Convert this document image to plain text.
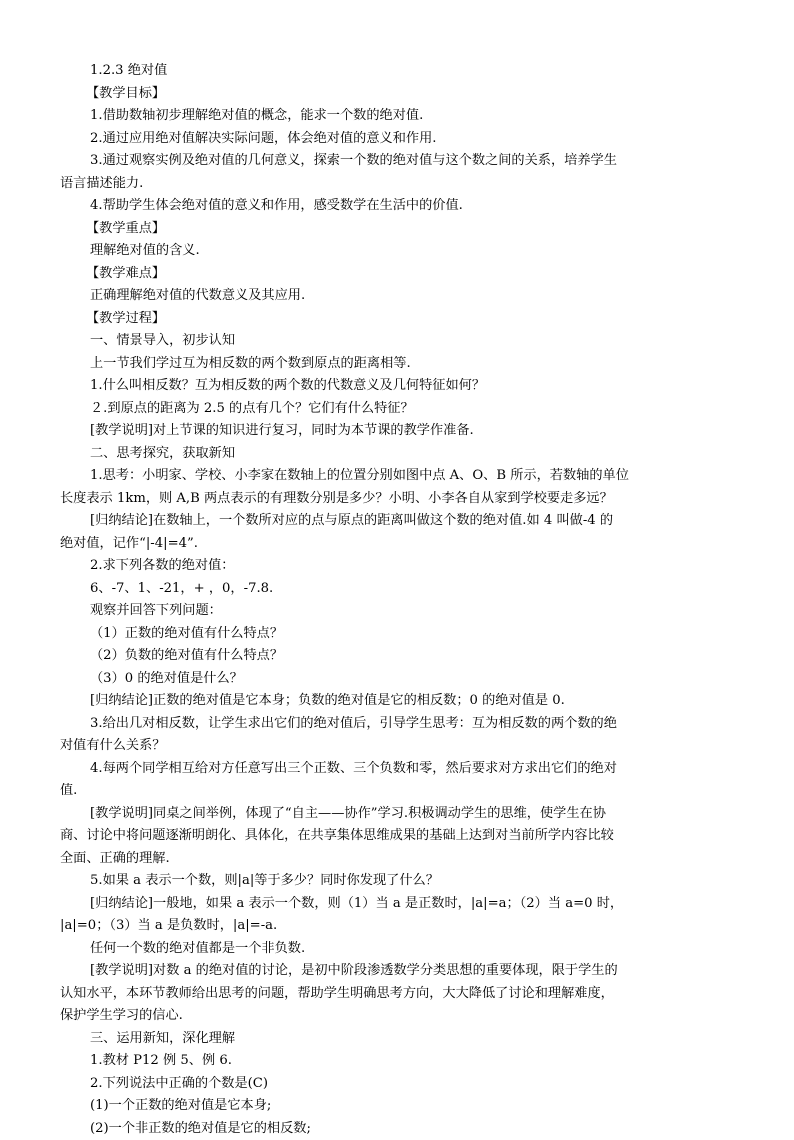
1.2.3 绝对值
【教学目标】
1.借助数轴初步理解绝对值的概念，能求一个数的绝对值.
2.通过应用绝对值解决实际问题，体会绝对值的意义和作用.
3.通过观察实例及绝对值的几何意义，探索一个数的绝对值与这个数之间的关系，培养学生
语言描述能力.
4.帮助学生体会绝对值的意义和作用，感受数学在生活中的价值.
【教学重点】
理解绝对值的含义.
【教学难点】
正确理解绝对值的代数意义及其应用.
【教学过程】
一、情景导入，初步认知
上一节我们学过互为相反数的两个数到原点的距离相等.
1.什么叫相反数？互为相反数的两个数的代数意义及几何特征如何？
２.到原点的距离为 2.5 的点有几个？它们有什么特征？
[教学说明]对上节课的知识进行复习，同时为本节课的教学作准备.
二、思考探究，获取新知
1.思考：小明家、学校、小李家在数轴上的位置分别如图中点 A、O、B 所示，若数轴的单位
长度表示 1km，则 A,B 两点表示的有理数分别是多少？小明、小李各自从家到学校要走多远？
[归纳结论]在数轴上，一个数所对应的点与原点的距离叫做这个数的绝对值.如 4 叫做-4 的
绝对值，记作“|-4|=4”.
2.求下列各数的绝对值：
6、-7、1、-21，+ ，0，-7.8.
观察并回答下列问题：
（1）正数的绝对值有什么特点？
（2）负数的绝对值有什么特点？
（3）0 的绝对值是什么？
[归纳结论]正数的绝对值是它本身；负数的绝对值是它的相反数；0 的绝对值是 0.
3.给出几对相反数，让学生求出它们的绝对值后，引导学生思考：互为相反数的两个数的绝
对值有什么关系？
4.每两个同学相互给对方任意写出三个正数、三个负数和零，然后要求对方求出它们的绝对
值.
[教学说明]同桌之间举例，体现了“自主——协作”学习.积极调动学生的思维，使学生在协
商、讨论中将问题逐渐明朗化、具体化，在共享集体思维成果的基础上达到对当前所学内容比较
全面、正确的理解.
5.如果 a 表示一个数，则|a|等于多少？同时你发现了什么？
[归纳结论]一般地，如果 a 表示一个数，则（1）当 a 是正数时，|a|=a；（2）当 a=0 时，
|a|=0；（3）当 a 是负数时，|a|=-a.
任何一个数的绝对值都是一个非负数.
[教学说明]对数 a 的绝对值的讨论，是初中阶段渗透数学分类思想的重要体现，限于学生的
认知水平，本环节教师给出思考的问题，帮助学生明确思考方向，大大降低了讨论和理解难度，
保护学生学习的信心.
三、运用新知，深化理解
1.教材 P12 例 5、例 6.
2.下列说法中正确的个数是(C)
(1)一个正数的绝对值是它本身;
(2)一个非正数的绝对值是它的相反数;
